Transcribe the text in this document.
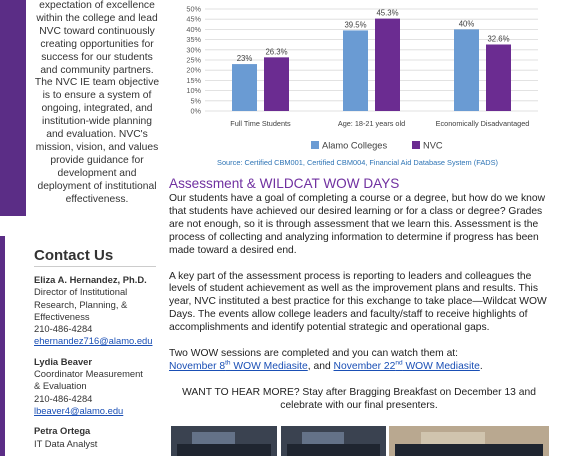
expectation of excellence
within the college and lead
NVC toward continuously
creating opportunities for
success for our students
and community partners.
The NVC IE team objective
is to ensure a system of
ongoing, integrated, and
institution-wide planning
and evaluation. NVC's
mission, vision, and values
provide guidance for
development and
deployment of institutional
effectiveness.
Contact Us
Eliza A. Hernandez, Ph.D.
Director of Institutional
Research, Planning, &
Effectiveness
210-486-4284
ehernandez716@alamo.edu
Lydia Beaver
Coordinator Measurement
& Evaluation
210-486-4284
lbeaver4@alamo.edu
Petra Ortega
IT Data Analyst
0%
5%
10%
15%
20%
25%
30%
35%
40%
45%
50%
23%
26.3%
Full Time Students
39.5%
45.3%
Age: 18-21 years old
40%
32.6%
Economically Disadvantaged
Alamo Colleges	NVC
Source: Certified CBM001, Certified CBM004, Financial Aid Database System (FADS)
Assessment & WILDCAT WOW DAYS
Our students have a goal of completing a course or a degree, but how do we know that students have achieved our desired learning or for a class or degree? Grades are not enough, so it is through assessment that we learn this. Assessment is the process of collecting and analyzing information to determine if progress has been made toward a desired end.
A key part of the assessment process is reporting to leaders and colleagues the levels of student achievement as well as the improvement plans and results. This year, NVC instituted a best practice for this exchange to take place—Wildcat WOW Days. The events allow college leaders and faculty/staff to receive highlights of accomplishments and identify potential strategic and operational gaps.
Two WOW sessions are completed and you can watch them at:
November 8th WOW Mediasite, and November 22nd WOW Mediasite.
WANT TO HEAR MORE? Stay after Bragging Breakfast on December 13 and
celebrate with our final presenters.
